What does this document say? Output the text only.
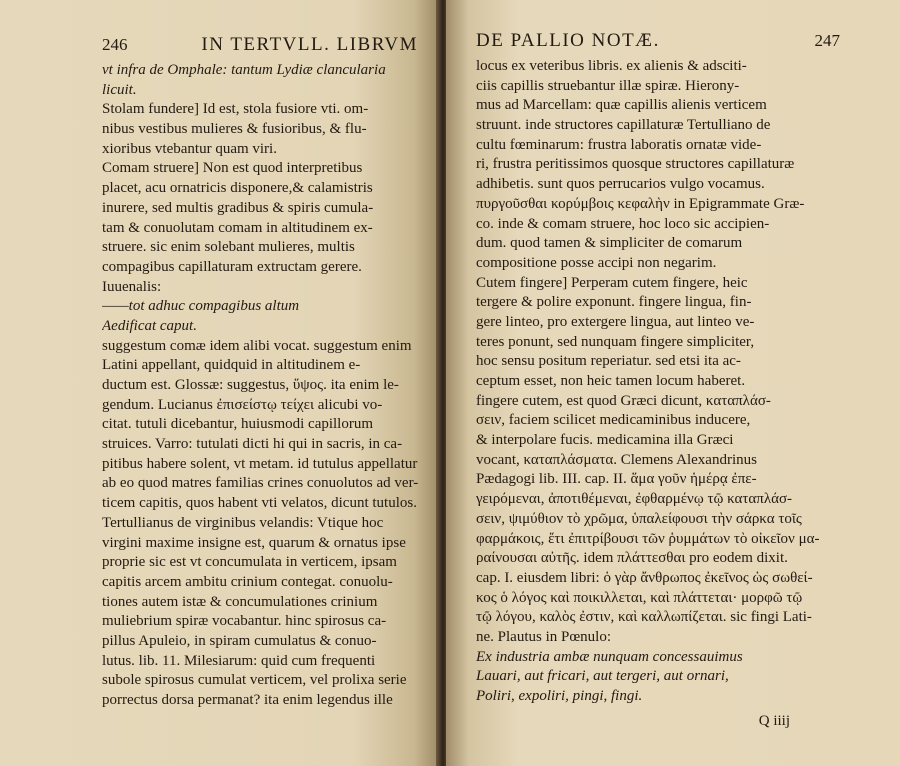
246	IN TERTVLL. LIBRVM
vt infra de Omphale: tantum Lydiæ clancularia
licuit.
Stolam fundere] Id est, stola fusiore vti. om-
nibus vestibus mulieres & fusioribus, & flu-
xioribus vtebantur quam viri.
Comam struere] Non est quod interpretibus
placet, acu ornatricis disponere,& calamistris
inurere, sed multis gradibus & spiris cumula-
tam & conuolutam comam in altitudinem ex-
struere. sic enim solebant mulieres, multis
compagibus capillaturam extructam gerere.
Iuuenalis:
——tot adhuc compagibus altum
Aedificat caput.
suggestum comæ idem alibi vocat. suggestum enim
Latini appellant, quidquid in altitudinem e-
ductum est. Glossæ: suggestus, ὕψος. ita enim le-
gendum. Lucianus ἐπισείστῳ τείχει alicubi vo-
citat. tutuli dicebantur, huiusmodi capillorum
struices. Varro: tutulati dicti hi qui in sacris, in ca-
pitibus habere solent, vt metam. id tutulus appellatur
ab eo quod matres familias crines conuolutos ad ver-
ticem capitis, quos habent vti velatos, dicunt tutulos.
Tertullianus de virginibus velandis: Vtique hoc
virgini maxime insigne est, quarum & ornatus ipse
proprie sic est vt concumulata in verticem, ipsam
capitis arcem ambitu crinium contegat. conuolu-
tiones autem istæ & concumulationes crinium
muliebrium spiræ vocabantur. hinc spirosus ca-
pillus Apuleio, in spiram cumulatus & conuo-
lutus. lib. 11. Milesiarum: quid cum frequenti
subole spirosus cumulat verticem, vel prolixa serie
porrectus dorsa permanat? ita enim legendus ille
DE PALLIO NOTÆ.	247
locus ex veteribus libris. ex alienis & adsciti-
ciis capillis struebantur illæ spiræ. Hierony-
mus ad Marcellam: quæ capillis alienis verticem
struunt. inde structores capillaturæ Tertulliano de
cultu fœminarum: frustra laboratis ornatæ vide-
ri, frustra peritissimos quosque structores capillaturæ
adhibetis. sunt quos perrucarios vulgo vocamus.
πυργοῦσθαι κορύμβοις κεφαλὴν in Epigrammate Græ-
co. inde & comam struere, hoc loco sic accipien-
dum. quod tamen & simpliciter de comarum
compositione posse accipi non negarim.
Cutem fingere] Perperam cutem fingere, heic
tergere & polire exponunt. fingere lingua, fin-
gere linteo, pro extergere lingua, aut linteo ve-
teres ponunt, sed nunquam fingere simpliciter,
hoc sensu positum reperiatur. sed etsi ita ac-
ceptum esset, non heic tamen locum haberet.
fingere cutem, est quod Græci dicunt, καταπλάσ-
σειν, faciem scilicet medicaminibus inducere,
& interpolare fucis. medicamina illa Græci
vocant, καταπλάσματα. Clemens Alexandrinus
Pædagogi lib. III. cap. II. ἅμα γοῦν ἡμέρᾳ ἐπε-
γειρόμεναι, ἀποτιθέμεναι, ἐφθαρμένῳ τῷ καταπλάσ-
σειν, ψιμύθιον τὸ χρῶμα, ὑπαλείφουσι τὴν σάρκα τοῖς
φαρμάκοις, ἔτι ἐπιτρίβουσι τῶν ῥυμμάτων τὸ οἰκεῖον μα-
ραίνουσαι αὐτῆς. idem πλάττεσθαι pro eodem dixit.
cap. I. eiusdem libri: ὁ γὰρ ἄνθρωπος ἐκεῖνος ὡς σωθεί-
κος ὁ λόγος καὶ ποικιλλεται, καὶ πλάττεται· μορφῶ τῷ
τῷ λόγου, καλὸς ἐστιν, καὶ καλλωπίζεται. sic fingi Lati-
ne. Plautus in Pœnulo:
Ex industria ambæ nunquam concessauimus
Lauari, aut fricari, aut tergeri, aut ornari,
Poliri, expoliri, pingi, fingi.
Q iiij
